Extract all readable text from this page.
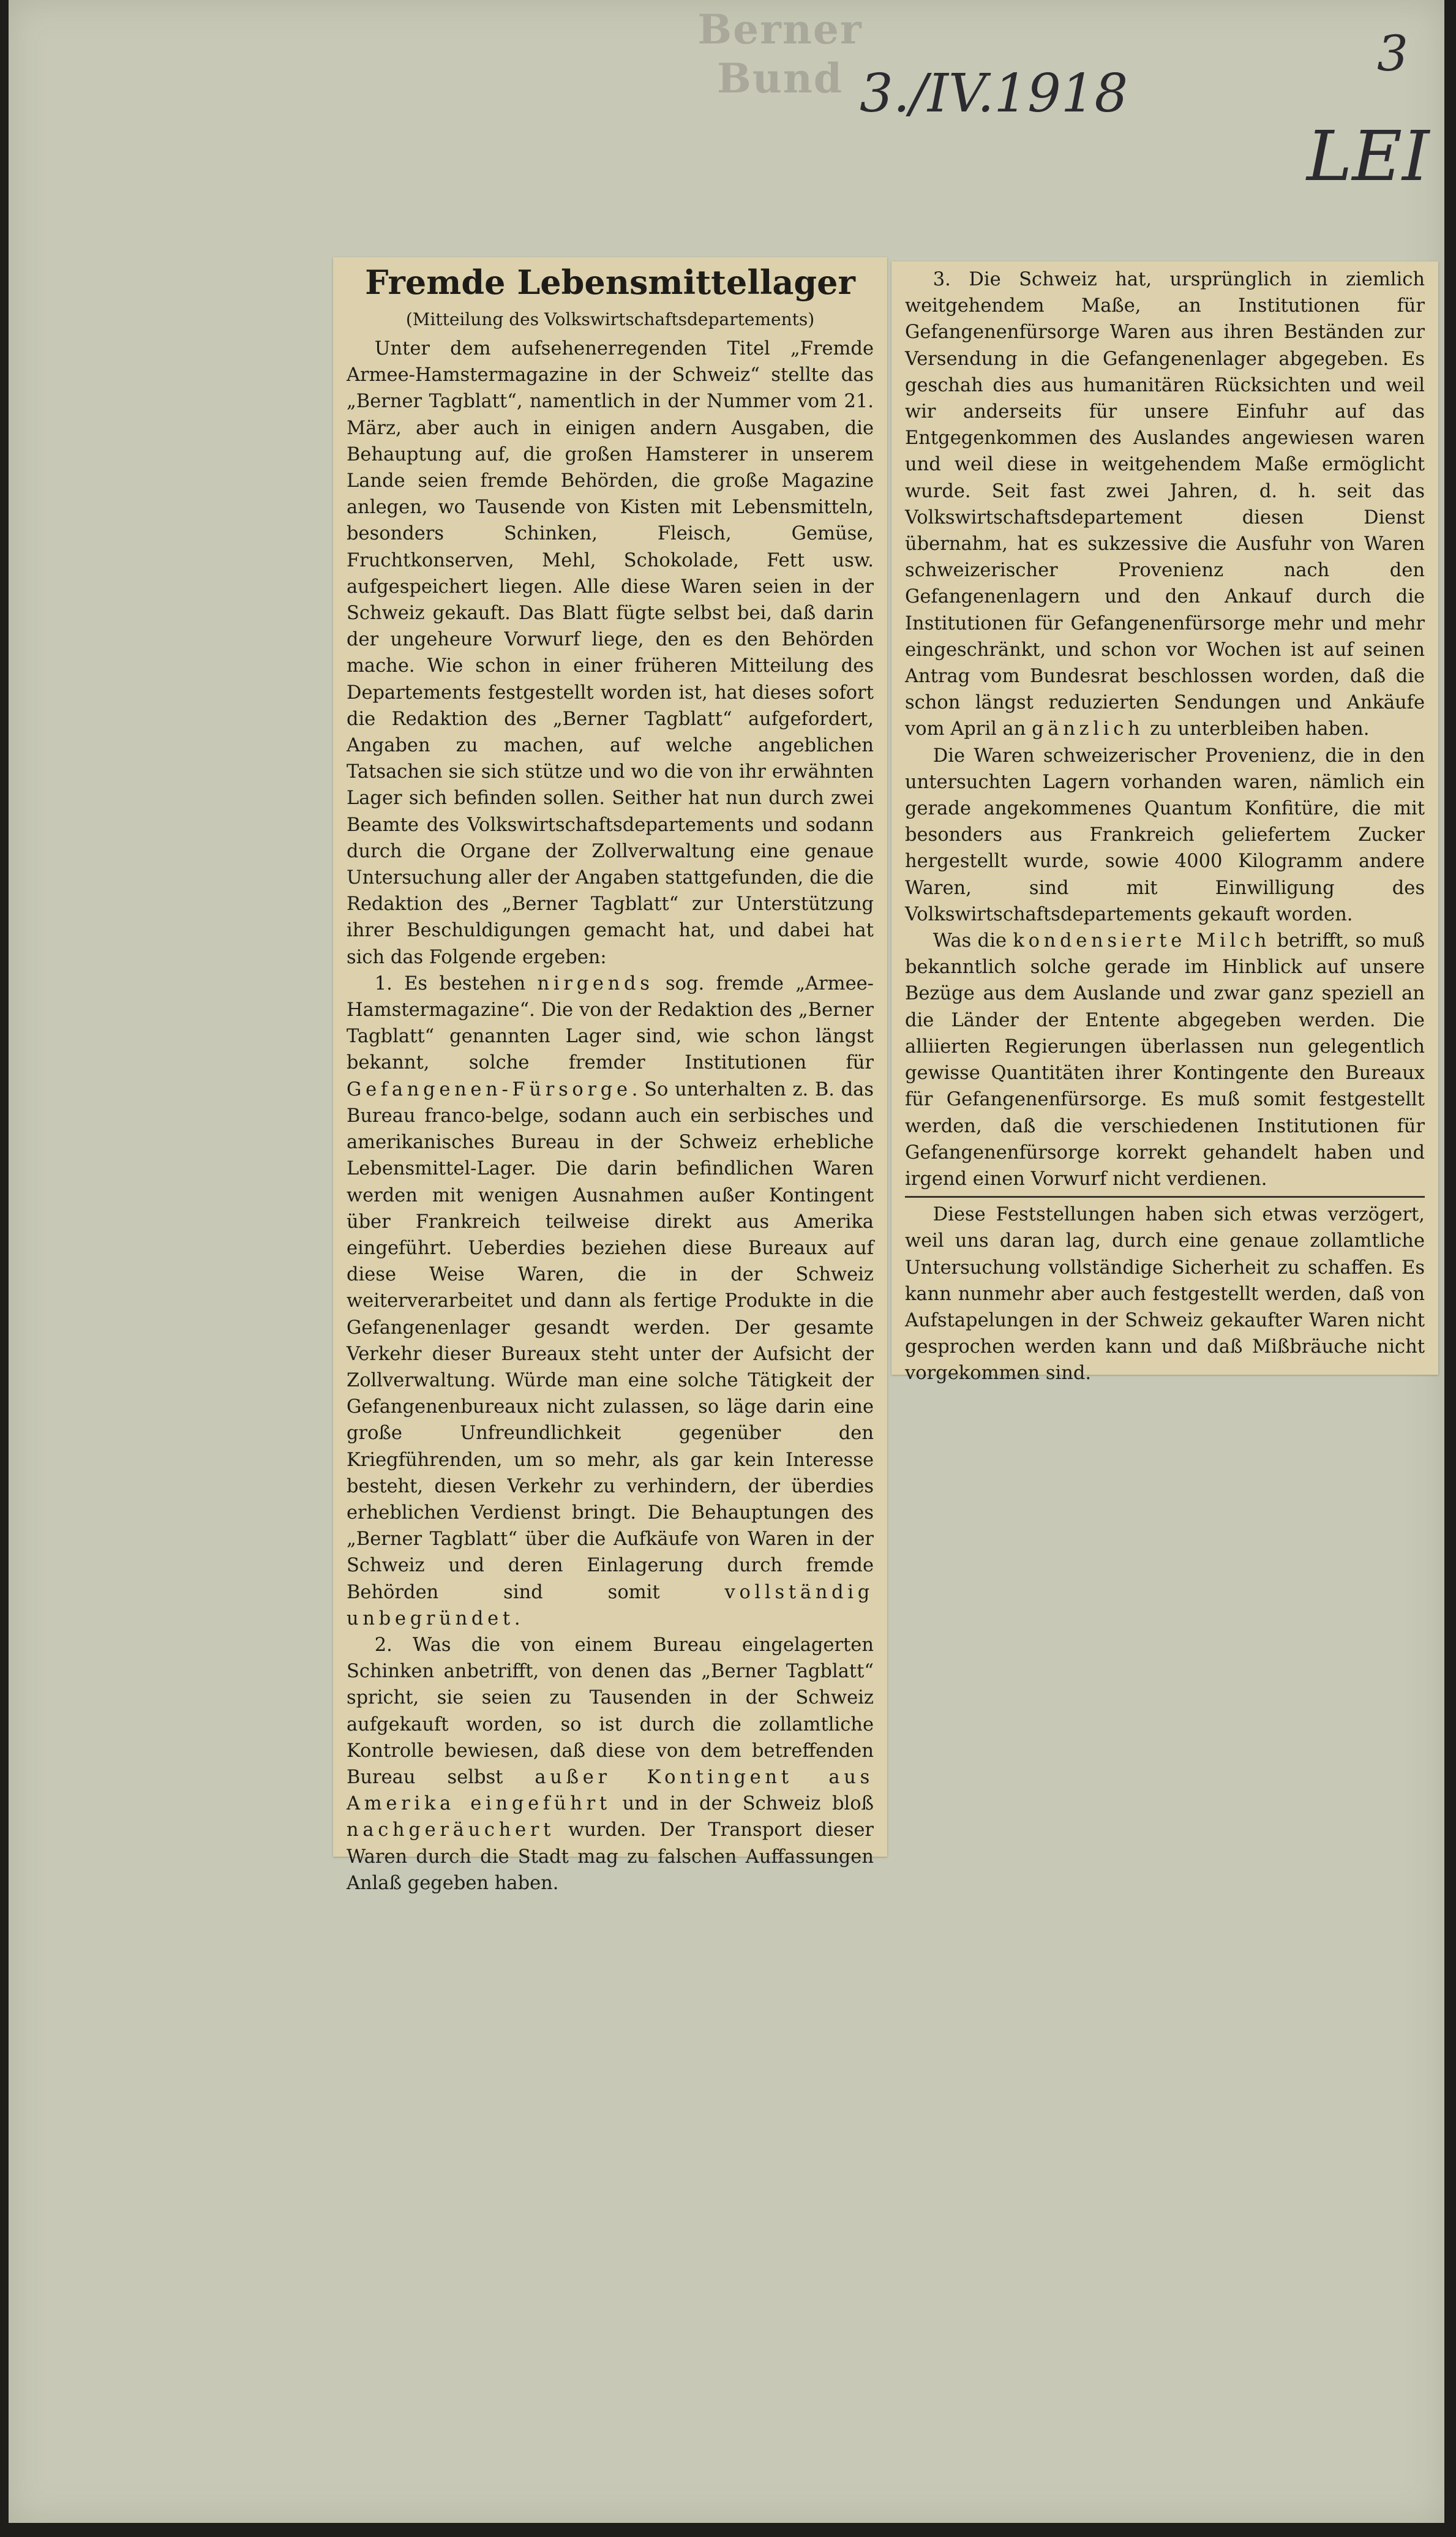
Berner Bund 3./IV.1918
3
LEI
Fremde Lebensmittellager
(Mitteilung des Volkswirtschaftsdepartements)

Unter dem aufsehenerregenden Titel „Fremde Armee-Hamstermagazine in der Schweiz“ stellte das „Berner Tagblatt“, namentlich in der Nummer vom 21. März, aber auch in einigen andern Ausgaben, die Behauptung auf, die großen Hamsterer in unserem Lande seien fremde Behörden, die große Magazine anlegen, wo Tausende von Kisten mit Lebensmitteln, besonders Schinken, Fleisch, Gemüse, Fruchtkonserven, Mehl, Schokolade, Fett usw. aufgespeichert liegen. Alle diese Waren seien in der Schweiz gekauft. Das Blatt fügte selbst bei, daß darin der ungeheure Vorwurf liege, den es den Behörden mache. Wie schon in einer früheren Mitteilung des Departements festgestellt worden ist, hat dieses sofort die Redaktion des „Berner Tagblatt“ aufgefordert, Angaben zu machen, auf welche angeblichen Tatsachen sie sich stütze und wo die von ihr erwähnten Lager sich befinden sollen. Seither hat nun durch zwei Beamte des Volkswirtschaftsdepartements und sodann durch die Organe der Zollverwaltung eine genaue Untersuchung aller der Angaben stattgefunden, die die Redaktion des „Berner Tagblatt“ zur Unterstützung ihrer Beschuldigungen gemacht hat, und dabei hat sich das Folgende ergeben:

1. Es bestehen nirgends sog. fremde „Armee-Hamstermagazine“. Die von der Redaktion des „Berner Tagblatt“ genannten Lager sind, wie schon längst bekannt, solche fremder Institutionen für Gefangenen-Fürsorge. So unterhalten z. B. das Bureau franco-belge, sodann auch ein serbisches und amerikanisches Bureau in der Schweiz erhebliche Lebensmittel-Lager. Die darin befindlichen Waren werden mit wenigen Ausnahmen außer Kontingent über Frankreich teilweise direkt aus Amerika eingeführt. Ueberdies beziehen diese Bureaux auf diese Weise Waren, die in der Schweiz weiterverarbeitet und dann als fertige Produkte in die Gefangenenlager gesandt werden. Der gesamte Verkehr dieser Bureaux steht unter der Aufsicht der Zollverwaltung. Würde man eine solche Tätigkeit der Gefangenenbureaux nicht zulassen, so läge darin eine große Unfreundlichkeit gegenüber den Kriegführenden, um so mehr, als gar kein Interesse besteht, diesen Verkehr zu verhindern, der überdies erheblichen Verdienst bringt. Die Behauptungen des „Berner Tagblatt“ über die Aufkäufe von Waren in der Schweiz und deren Einlagerung durch fremde Behörden sind somit vollständig unbegründet.

2. Was die von einem Bureau eingelagerten Schinken anbetrifft, von denen das „Berner Tagblatt“ spricht, sie seien zu Tausenden in der Schweiz aufgekauft worden, so ist durch die zollamtliche Kontrolle bewiesen, daß diese von dem betreffenden Bureau selbst außer Kontingent aus Amerika eingeführt und in der Schweiz bloß nachgeräuchert wurden. Der Transport dieser Waren durch die Stadt mag zu falschen Auffassungen Anlaß gegeben haben.

3. Die Schweiz hat, ursprünglich in ziemlich weitgehendem Maße, an Institutionen für Gefangenenfürsorge Waren aus ihren Beständen zur Versendung in die Gefangenenlager abgegeben. Es geschah dies aus humanitären Rücksichten und weil wir anderseits für unsere Einfuhr auf das Entgegenkommen des Auslandes angewiesen waren und weil diese in weitgehendem Maße ermöglicht wurde. Seit fast zwei Jahren, d. h. seit das Volkswirtschaftsdepartement diesen Dienst übernahm, hat es sukzessive die Ausfuhr von Waren schweizerischer Provenienz nach den Gefangenenlagern und den Ankauf durch die Institutionen für Gefangenenfürsorge mehr und mehr eingeschränkt, und schon vor Wochen ist auf seinen Antrag vom Bundesrat beschlossen worden, daß die schon längst reduzierten Sendungen und Ankäufe vom April an gänzlich zu unterbleiben haben.

Die Waren schweizerischer Provenienz, die in den untersuchten Lagern vorhanden waren, nämlich ein gerade angekommenes Quantum Konfitüre, die mit besonders aus Frankreich geliefertem Zucker hergestellt wurde, sowie 4000 Kilogramm andere Waren, sind mit Einwilligung des Volkswirtschaftsdepartements gekauft worden.

Was die kondensierte Milch betrifft, so muß bekanntlich solche gerade im Hinblick auf unsere Bezüge aus dem Auslande und zwar ganz speziell an die Länder der Entente abgegeben werden. Die alliierten Regierungen überlassen nun gelegentlich gewisse Quantitäten ihrer Kontingente den Bureaux für Gefangenenfürsorge. Es muß somit festgestellt werden, daß die verschiedenen Institutionen für Gefangenenfürsorge korrekt gehandelt haben und irgend einen Vorwurf nicht verdienen.

Diese Feststellungen haben sich etwas verzögert, weil uns daran lag, durch eine genaue zollamtliche Untersuchung vollständige Sicherheit zu schaffen. Es kann nunmehr aber auch festgestellt werden, daß von Aufstapelungen in der Schweiz gekaufter Waren nicht gesprochen werden kann und daß Mißbräuche nicht vorgekommen sind.
